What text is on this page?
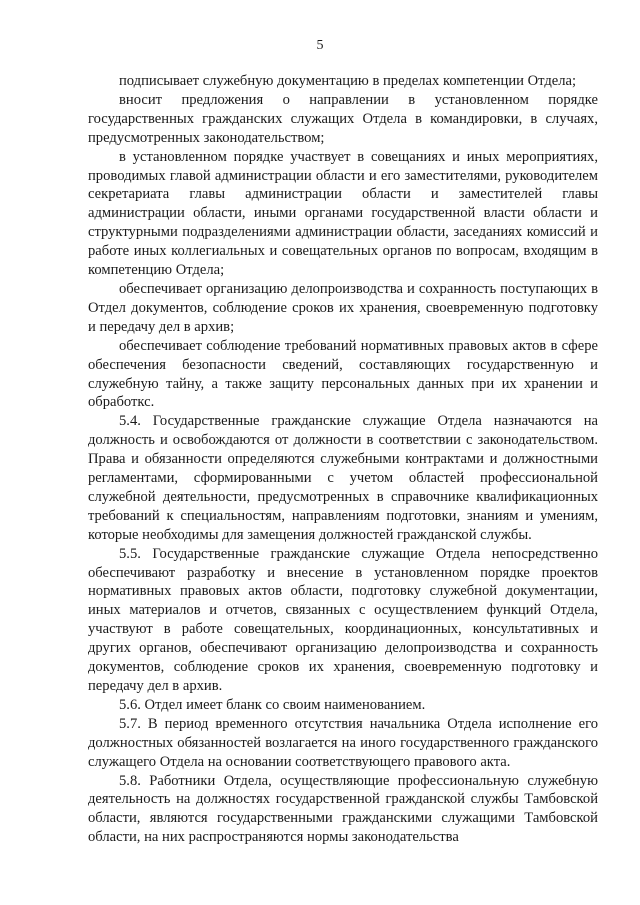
5

подписывает служебную документацию в пределах компетенции Отдела;

вносит предложения о направлении в установленном порядке государственных гражданских служащих Отдела в командировки, в случаях, предусмотренных законодательством;

в установленном порядке участвует в совещаниях и иных мероприятиях, проводимых главой администрации области и его заместителями, руководителем секретариата главы администрации области и заместителей главы администрации области, иными органами государственной власти области и структурными подразделениями администрации области, заседаниях комиссий и работе иных коллегиальных и совещательных органов по вопросам, входящим в компетенцию Отдела;

обеспечивает организацию делопроизводства и сохранность поступающих в Отдел документов, соблюдение сроков их хранения, своевременную подготовку и передачу дел в архив;

обеспечивает соблюдение требований нормативных правовых актов в сфере обеспечения безопасности сведений, составляющих государственную и служебную тайну, а также защиту персональных данных при их хранении и обработкс.

5.4. Государственные гражданские служащие Отдела назначаются на должность и освобождаются от должности в соответствии с законодательством. Права и обязанности определяются служебными контрактами и должностными регламентами, сформированными с учетом областей профессиональной служебной деятельности, предусмотренных в справочнике квалификационных требований к специальностям, направлениям подготовки, знаниям и умениям, которые необходимы для замещения должностей гражданской службы.

5.5. Государственные гражданские служащие Отдела непосредственно обеспечивают разработку и внесение в установленном порядке проектов нормативных правовых актов области, подготовку служебной документации, иных материалов и отчетов, связанных с осуществлением функций Отдела, участвуют в работе совещательных, координационных, консультативных и других органов, обеспечивают организацию делопроизводства и сохранность документов, соблюдение сроков их хранения, своевременную подготовку и передачу дел в архив.

5.6. Отдел имеет бланк со своим наименованием.

5.7. В период временного отсутствия начальника Отдела исполнение его должностных обязанностей возлагается на иного государственного гражданского служащего Отдела на основании соответствующего правового акта.

5.8. Работники Отдела, осуществляющие профессиональную служебную деятельность на должностях государственной гражданской службы Тамбовской области, являются государственными гражданскими служащими Тамбовской области, на них распространяются нормы законодательства
